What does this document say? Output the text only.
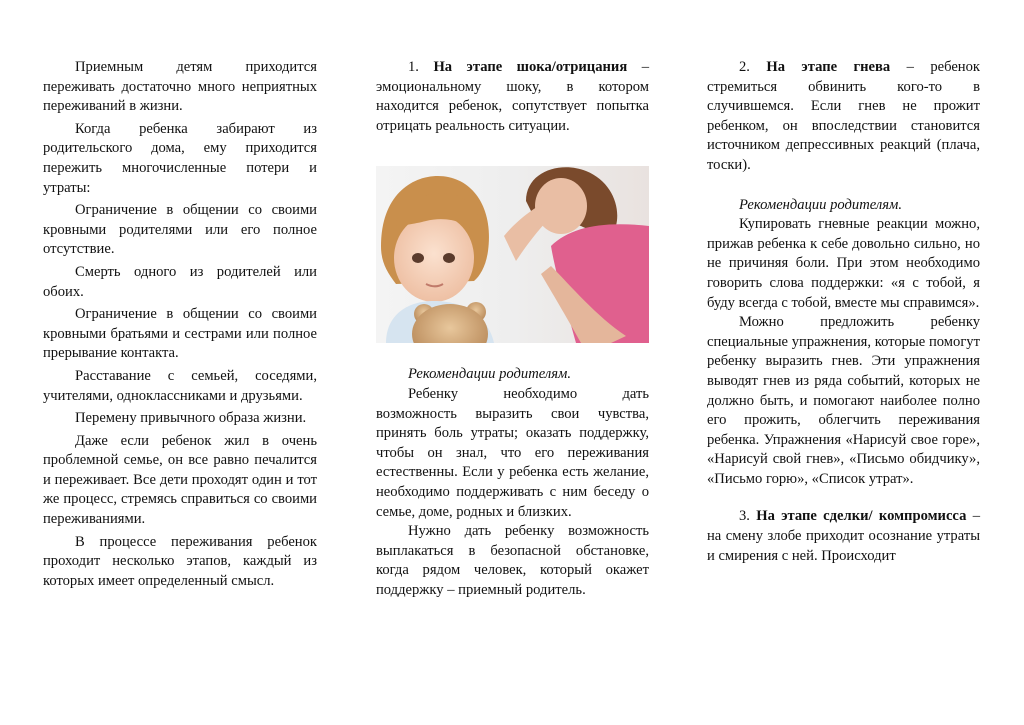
Приемным детям приходится переживать достаточно много неприятных переживаний в жизни.

Когда ребенка забирают из родительского дома, ему приходится пережить многочисленные потери и утраты:

Ограничение в общении со своими кровными родителями или его полное отсутствие.

Смерть одного из родителей или обоих.

Ограничение в общении со своими кровными братьями и сестрами или полное прерывание контакта.

Расставание с семьей, соседями, учителями, одноклассниками и друзьями.

Перемену привычного образа жизни.

Даже если ребенок жил в очень проблемной семье, он все равно печалится и переживает. Все дети проходят один и тот же процесс, стремясь справиться со своими переживаниями.

В процессе переживания ребенок проходит несколько этапов, каждый из которых имеет определенный смысл.

1. На этапе шока/отрицания – эмоциональному шоку, в котором находится ребенок, сопутствует попытка отрицать реальность ситуации.

Рекомендации родителям.

Ребенку необходимо дать возможность выразить свои чувства, принять боль утраты; оказать поддержку, чтобы он знал, что его переживания естественны. Если у ребенка есть желание, необходимо поддерживать с ним беседу о семье, доме, родных и близких.

Нужно дать ребенку возможность выплакаться в безопасной обстановке, когда рядом человек, который окажет поддержку – приемный родитель.

2. На этапе гнева – ребенок стремиться обвинить кого-то в случившемся. Если гнев не прожит ребенком, он впоследствии становится источником депрессивных реакций (плача, тоски).

Рекомендации родителям.

Купировать гневные реакции можно, прижав ребенка к себе довольно сильно, но не причиняя боли. При этом необходимо говорить слова поддержки: «я с тобой, я буду всегда с тобой, вместе мы справимся».

Можно предложить ребенку специальные упражнения, которые помогут ребенку выразить гнев. Эти упражнения выводят гнев из ряда событий, которых не должно быть, и помогают наиболее полно его прожить, облегчить переживания ребенка. Упражнения «Нарисуй свое горе», «Нарисуй свой гнев», «Письмо обидчику», «Письмо горю», «Список утрат».

3. На этапе сделки/ компромисса – на смену злобе приходит осознание утраты и смирения с ней. Происходит
